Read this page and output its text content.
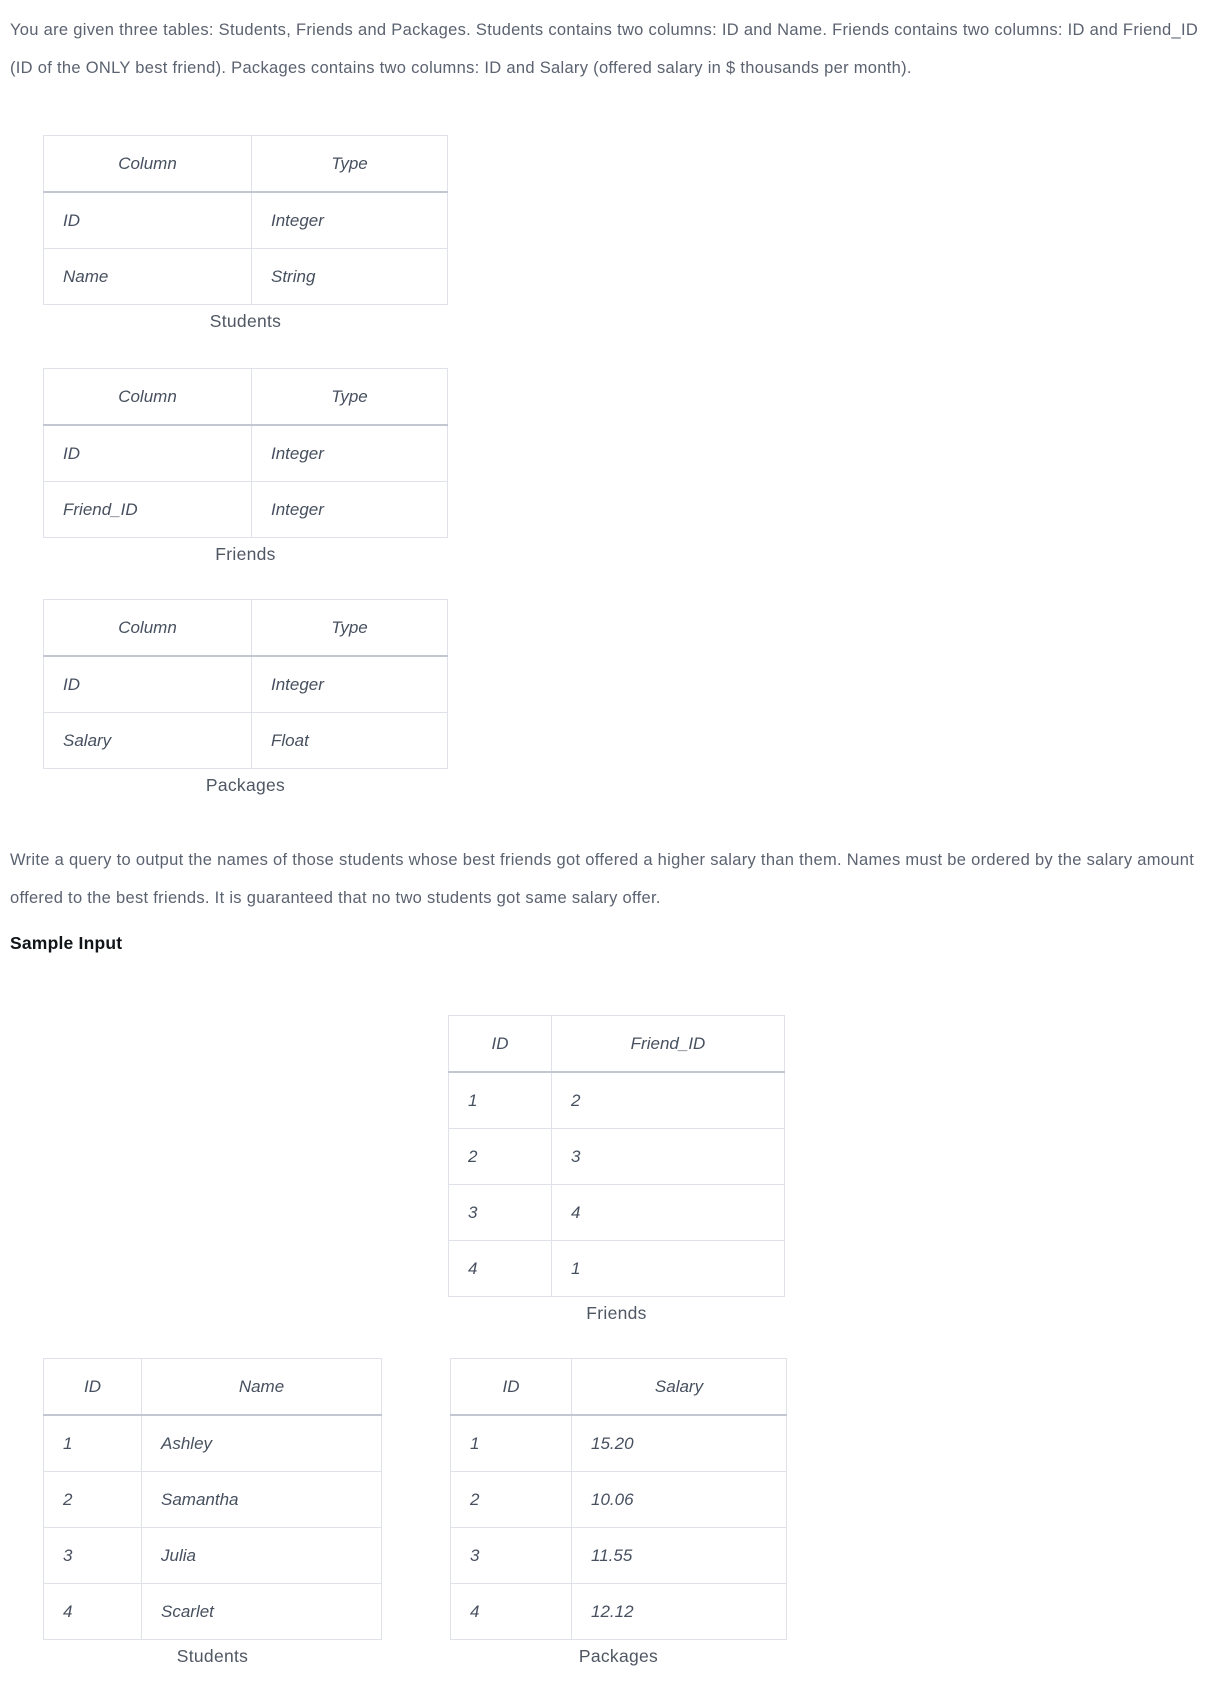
You are given three tables: Students, Friends and Packages. Students contains two columns: ID and Name. Friends contains two columns: ID and Friend_ID (ID of the ONLY best friend). Packages contains two columns: ID and Salary (offered salary in $ thousands per month).

Column	Type
ID	Integer
Name	String
Students
Column	Type
ID	Integer
Friend_ID	Integer
Friends
Column	Type
ID	Integer
Salary	Float
Packages

Write a query to output the names of those students whose best friends got offered a higher salary than them. Names must be ordered by the salary amount offered to the best friends. It is guaranteed that no two students got same salary offer.

Sample Input
ID	Friend_ID
1	2
2	3
3	4
4	1
Friends
ID	Name
1	Ashley
2	Samantha
3	Julia
4	Scarlet
Students
ID	Salary
1	15.20
2	10.06
3	11.55
4	12.12
Packages
